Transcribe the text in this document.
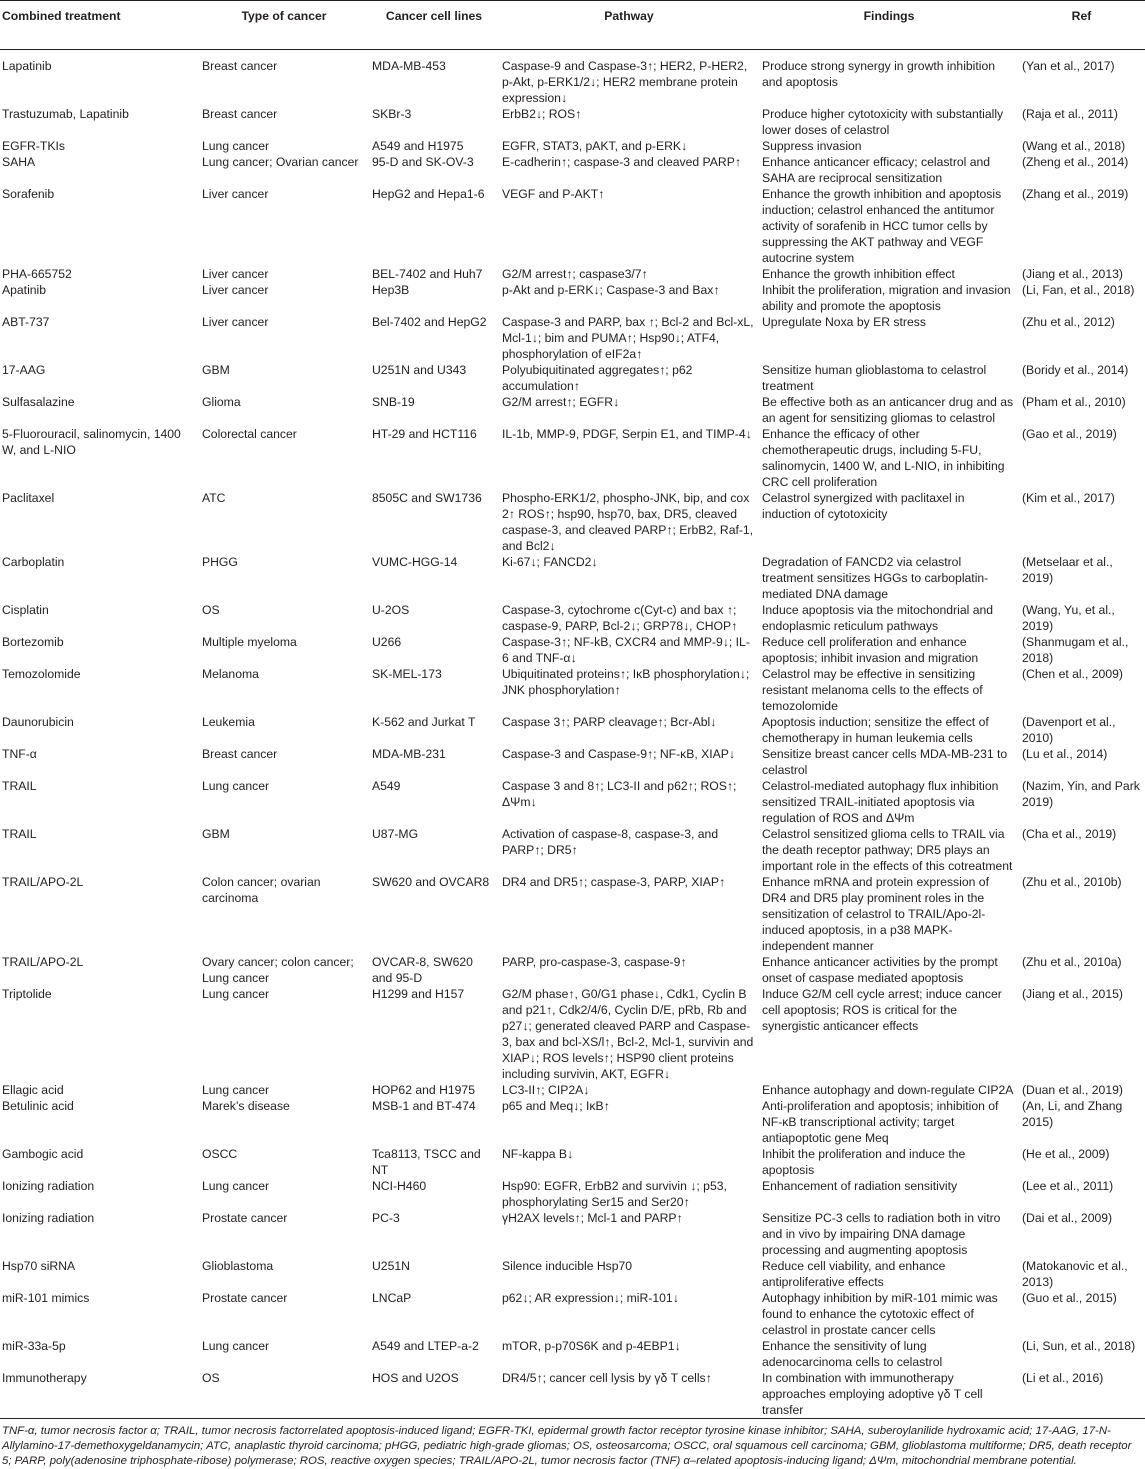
Combined treatment	Type of cancer	Cancer cell lines	Pathway	Findings	Ref
Lapatinib	Breast cancer	MDA-MB-453	Caspase-9 and Caspase-3↑; HER2, P-HER2, p-Akt, p-ERK1/2↓; HER2 membrane protein expression↓	Produce strong synergy in growth inhibition and apoptosis	(Yan et al., 2017)
Trastuzumab, Lapatinib	Breast cancer	SKBr-3	ErbB2↓; ROS↑	Produce higher cytotoxicity with substantially lower doses of celastrol	(Raja et al., 2011)
EGFR-TKIs	Lung cancer	A549 and H1975	EGFR, STAT3, pAKT, and p-ERK↓	Suppress invasion	(Wang et al., 2018)
SAHA	Lung cancer; Ovarian cancer	95-D and SK-OV-3	E-cadherin↑; caspase-3 and cleaved PARP↑	Enhance anticancer efficacy; celastrol and SAHA are reciprocal sensitization	(Zheng et al., 2014)
Sorafenib	Liver cancer	HepG2 and Hepa1-6	VEGF and P-AKT↑	Enhance the growth inhibition and apoptosis induction; celastrol enhanced the antitumor activity of sorafenib in HCC tumor cells by suppressing the AKT pathway and VEGF autocrine system	(Zhang et al., 2019)
PHA-665752	Liver cancer	BEL-7402 and Huh7	G2/M arrest↑; caspase3/7↑	Enhance the growth inhibition effect	(Jiang et al., 2013)
Apatinib	Liver cancer	Hep3B	p-Akt and p-ERK↓; Caspase-3 and Bax↑	Inhibit the proliferation, migration and invasion ability and promote the apoptosis	(Li, Fan, et al., 2018)
ABT-737	Liver cancer	Bel-7402 and HepG2	Caspase-3 and PARP, bax ↑; Bcl-2 and Bcl-xL, Mcl-1↓; bim and PUMA↑; Hsp90↓; ATF4, phosphorylation of eIF2a↑	Upregulate Noxa by ER stress	(Zhu et al., 2012)
17-AAG	GBM	U251N and U343	Polyubiquitinated aggregates↑; p62 accumulation↑	Sensitize human glioblastoma to celastrol treatment	(Boridy et al., 2014)
Sulfasalazine	Glioma	SNB-19	G2/M arrest↑; EGFR↓	Be effective both as an anticancer drug and as an agent for sensitizing gliomas to celastrol	(Pham et al., 2010)
5-Fluorouracil, salinomycin, 1400 W, and L-NIO	Colorectal cancer	HT-29 and HCT116	IL-1b, MMP-9, PDGF, Serpin E1, and TIMP-4↓	Enhance the efficacy of other chemotherapeutic drugs, including 5-FU, salinomycin, 1400 W, and L-NIO, in inhibiting CRC cell proliferation	(Gao et al., 2019)
Paclitaxel	ATC	8505C and SW1736	Phospho-ERK1/2, phospho-JNK, bip, and cox 2↑ ROS↑; hsp90, hsp70, bax, DR5, cleaved caspase-3, and cleaved PARP↑; ErbB2, Raf-1, and Bcl2↓	Celastrol synergized with paclitaxel in induction of cytotoxicity	(Kim et al., 2017)
Carboplatin	PHGG	VUMC-HGG-14	Ki-67↓; FANCD2↓	Degradation of FANCD2 via celastrol treatment sensitizes HGGs to carboplatin-mediated DNA damage	(Metselaar et al., 2019)
Cisplatin	OS	U-2OS	Caspase-3, cytochrome c(Cyt-c) and bax ↑; caspase-9, PARP, Bcl-2↓; GRP78↓, CHOP↑	Induce apoptosis via the mitochondrial and endoplasmic reticulum pathways	(Wang, Yu, et al., 2019)
Bortezomib	Multiple myeloma	U266	Caspase-3↑; NF-kB, CXCR4 and MMP-9↓; IL-6 and TNF-α↓	Reduce cell proliferation and enhance apoptosis; inhibit invasion and migration	(Shanmugam et al., 2018)
Temozolomide	Melanoma	SK-MEL-173	Ubiquitinated proteins↑; IκB phosphorylation↓; JNK phosphorylation↑	Celastrol may be effective in sensitizing resistant melanoma cells to the effects of temozolomide	(Chen et al., 2009)
Daunorubicin	Leukemia	K-562 and Jurkat T	Caspase 3↑; PARP cleavage↑; Bcr-Abl↓	Apoptosis induction; sensitize the effect of chemotherapy in human leukemia cells	(Davenport et al., 2010)
TNF-α	Breast cancer	MDA-MB-231	Caspase-3 and Caspase-9↑; NF-κB, XIAP↓	Sensitize breast cancer cells MDA-MB-231 to celastrol	(Lu et al., 2014)
TRAIL	Lung cancer	A549	Caspase 3 and 8↑; LC3-II and p62↑; ROS↑; ΔΨm↓	Celastrol-mediated autophagy flux inhibition sensitized TRAIL-initiated apoptosis via regulation of ROS and ΔΨm	(Nazim, Yin, and Park 2019)
TRAIL	GBM	U87-MG	Activation of caspase-8, caspase-3, and PARP↑; DR5↑	Celastrol sensitized glioma cells to TRAIL via the death receptor pathway; DR5 plays an important role in the effects of this cotreatment	(Cha et al., 2019)
TRAIL/APO-2L	Colon cancer; ovarian carcinoma	SW620 and OVCAR8	DR4 and DR5↑; caspase-3, PARP, XIAP↑	Enhance mRNA and protein expression of DR4 and DR5 play prominent roles in the sensitization of celastrol to TRAIL/Apo-2l-induced apoptosis, in a p38 MAPK-independent manner	(Zhu et al., 2010b)
TRAIL/APO-2L	Ovary cancer; colon cancer; Lung cancer	OVCAR-8, SW620 and 95-D	PARP, pro-caspase-3, caspase-9↑	Enhance anticancer activities by the prompt onset of caspase mediated apoptosis	(Zhu et al., 2010a)
Triptolide	Lung cancer	H1299 and H157	G2/M phase↑, G0/G1 phase↓, Cdk1, Cyclin B and p21↑, Cdk2/4/6, Cyclin D/E, pRb, Rb and p27↓; generated cleaved PARP and Caspase-3, bax and bcl-XS/l↑, Bcl-2, Mcl-1, survivin and XIAP↓; ROS levels↑; HSP90 client proteins including survivin, AKT, EGFR↓	Induce G2/M cell cycle arrest; induce cancer cell apoptosis; ROS is critical for the synergistic anticancer effects	(Jiang et al., 2015)
Ellagic acid	Lung cancer	HOP62 and H1975	LC3-II↑; CIP2A↓	Enhance autophagy and down-regulate CIP2A	(Duan et al., 2019)
Betulinic acid	Marek’s disease	MSB-1 and BT-474	p65 and Meq↓; IκB↑	Anti-proliferation and apoptosis; inhibition of NF-κB transcriptional activity; target antiapoptotic gene Meq	(An, Li, and Zhang 2015)
Gambogic acid	OSCC	Tca8113, TSCC and NT	NF-kappa B↓	Inhibit the proliferation and induce the apoptosis	(He et al., 2009)
Ionizing radiation	Lung cancer	NCI-H460	Hsp90: EGFR, ErbB2 and survivin ↓; p53, phosphorylating Ser15 and Ser20↑	Enhancement of radiation sensitivity	(Lee et al., 2011)
Ionizing radiation	Prostate cancer	PC-3	γH2AX levels↑; Mcl-1 and PARP↑	Sensitize PC-3 cells to radiation both in vitro and in vivo by impairing DNA damage processing and augmenting apoptosis	(Dai et al., 2009)
Hsp70 siRNA	Glioblastoma	U251N	Silence inducible Hsp70	Reduce cell viability, and enhance antiproliferative effects	(Matokanovic et al., 2013)
miR-101 mimics	Prostate cancer	LNCaP	p62↓; AR expression↓; miR-101↓	Autophagy inhibition by miR-101 mimic was found to enhance the cytotoxic effect of celastrol in prostate cancer cells	(Guo et al., 2015)
miR-33a-5p	Lung cancer	A549 and LTEP-a-2	mTOR, p-p70S6K and p-4EBP1↓	Enhance the sensitivity of lung adenocarcinoma cells to celastrol	(Li, Sun, et al., 2018)
Immunotherapy	OS	HOS and U2OS	DR4/5↑; cancer cell lysis by γδ T cells↑	In combination with immunotherapy approaches employing adoptive γδ T cell transfer	(Li et al., 2016)
TNF-α, tumor necrosis factor α; TRAIL, tumor necrosis factorrelated apoptosis-induced ligand; EGFR-TKI, epidermal growth factor receptor tyrosine kinase inhibitor; SAHA, suberoylanilide hydroxamic acid; 17-AAG, 17-N-Allylamino-17-demethoxygeldanamycin; ATC, anaplastic thyroid carcinoma; pHGG, pediatric high-grade gliomas; OS, osteosarcoma; OSCC, oral squamous cell carcinoma; GBM, glioblastoma multiforme; DR5, death receptor 5; PARP, poly(adenosine triphosphate-ribose) polymerase; ROS, reactive oxygen species; TRAIL/APO-2L, tumor necrosis factor (TNF) α–related apoptosis-inducing ligand; ΔΨm, mitochondrial membrane potential.
